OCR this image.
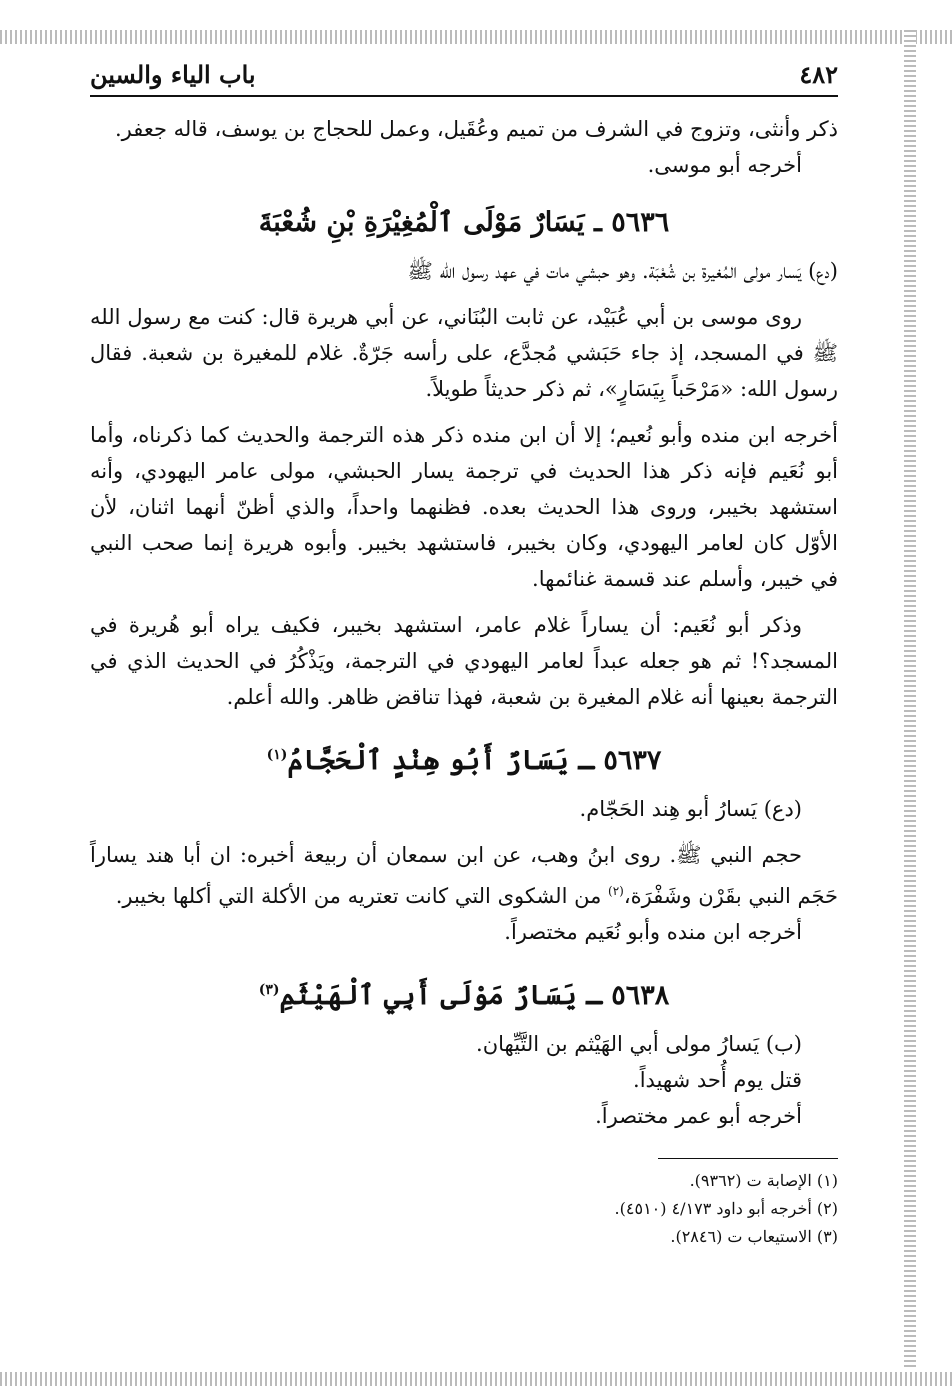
٤٨٢
باب الياء والسين

ذكر وأنثى، وتزوج في الشرف من تميم وعُقَيل، وعمل للحجاج بن يوسف، قاله جعفر.

أخرجه أبو موسى.

٥٦٣٦ ـ يَسَارٌ مَوْلَى ٱلْمُغِيْرَةِ بْنِ شُعْبَةَ

(دع) يَسار مولى المُغيرة بن شُعْبَة. وهو حبشي مات في عهد رسول الله ﷺ

روى موسى بن أبي عُبَيْد، عن ثابت البُنَاني، عن أبي هريرة قال: كنت مع رسول الله ﷺ في المسجد، إذ جاء حَبَشي مُجدَّع، على رأسه جَرّةٌ. غلام للمغيرة بن شعبة. فقال رسول الله: «مَرْحَباً بِيَسَارٍ»، ثم ذكر حديثاً طويلاً.

أخرجه ابن منده وأبو نُعيم؛ إلا أن ابن منده ذكر هذه الترجمة والحديث كما ذكرناه، وأما أبو نُعَيم فإنه ذكر هذا الحديث في ترجمة يسار الحبشي، مولى عامر اليهودي، وأنه استشهد بخيبر، وروى هذا الحديث بعده. فظنهما واحداً، والذي أظنّ أنهما اثنان، لأن الأوّل كان لعامر اليهودي، وكان بخيبر، فاستشهد بخيبر. وأبوه هريرة إنما صحب النبي في خيبر، وأسلم عند قسمة غنائمها.

وذكر أبو نُعَيم: أن يساراً غلام عامر، استشهد بخيبر، فكيف يراه أبو هُريرة في المسجد؟! ثم هو جعله عبداً لعامر اليهودي في الترجمة، ويَذْكُرُ في الحديث الذي في الترجمة بعينها أنه غلام المغيرة بن شعبة، فهذا تناقض ظاهر. والله أعلم.

٥٦٣٧ ـ يَسَارٌ أَبُو هِنْدٍ ٱلْحَجَّامُ$^{(١)}$

(دع) يَسارُ أبو هِند الحَجّام.

حجم النبي ﷺ. روى ابنُ وهب، عن ابن سمعان أن ربيعة أخبره: ان أبا هند يساراً حَجَم النبي بقَرْن وشَفْرَة،$^{(٢)}$ من الشكوى التي كانت تعتريه من الأكلة التي أكلها بخيبر.

أخرجه ابن منده وأبو نُعَيم مختصراً.

٥٦٣٨ ـ يَسَارٌ مَوْلَى أَبِي ٱلْهَيْثَمِ$^{(٣)}$

(ب) يَسارُ مولى أبي الهَيْثم بن التَّيِّهان.

قتل يوم أُحد شهيداً.

أخرجه أبو عمر مختصراً.

(١) الإصابة ت (٩٣٦٢).

(٢) أخرجه أبو داود ٤/١٧٣ (٤٥١٠).

(٣) الاستيعاب ت (٢٨٤٦).
